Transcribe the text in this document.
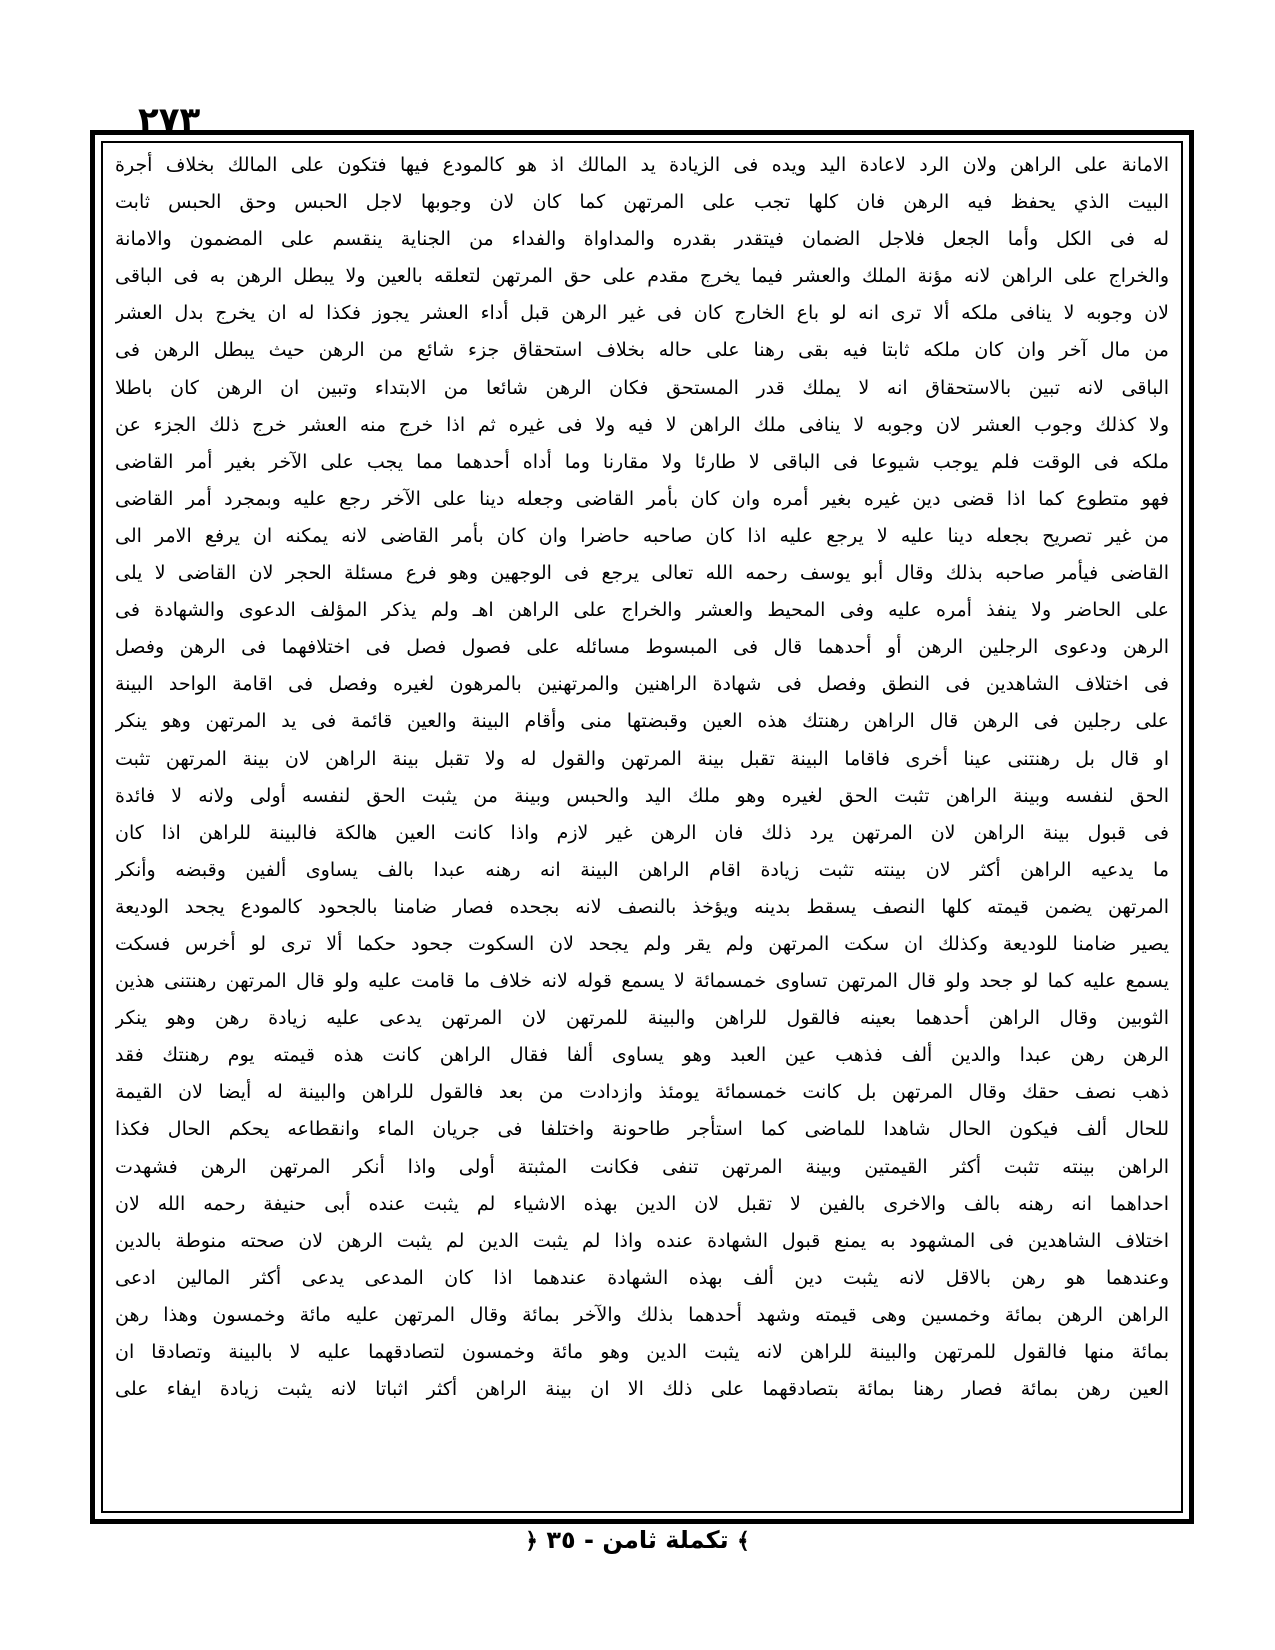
٢٧٣
الامانة على الراهن ولان الرد لاعادة اليد ويده فى الزيادة يد المالك اذ هو كالمودع فيها فتكون على المالك بخلاف أجرة
البيت الذي يحفظ فيه الرهن فان كلها تجب على المرتهن كما كان لان وجوبها لاجل الحبس وحق الحبس ثابت
له فى الكل وأما الجعل فلاجل الضمان فيتقدر بقدره والمداواة والفداء من الجناية ينقسم على المضمون والامانة
والخراج على الراهن لانه مؤنة الملك والعشر فيما يخرج مقدم على حق المرتهن لتعلقه بالعين ولا يبطل الرهن به فى الباقى
لان وجوبه لا ينافى ملكه ألا ترى انه لو باع الخارج كان فى غير الرهن قبل أداء العشر يجوز فكذا له ان يخرج بدل العشر
من مال آخر وان كان ملكه ثابتا فيه بقى رهنا على حاله بخلاف استحقاق جزء شائع من الرهن حيث يبطل الرهن فى
الباقى لانه تبين بالاستحقاق انه لا يملك قدر المستحق فكان الرهن شائعا من الابتداء وتبين ان الرهن كان باطلا
ولا كذلك وجوب العشر لان وجوبه لا ينافى ملك الراهن لا فيه ولا فى غيره ثم اذا خرج منه العشر خرج ذلك الجزء عن
ملكه فى الوقت فلم يوجب شيوعا فى الباقى لا طارئا ولا مقارنا وما أداه أحدهما مما يجب على الآخر بغير أمر القاضى
فهو متطوع كما اذا قضى دين غيره بغير أمره وان كان بأمر القاضى وجعله دينا على الآخر رجع عليه وبمجرد أمر القاضى
من غير تصريح بجعله دينا عليه لا يرجع عليه اذا كان صاحبه حاضرا وان كان بأمر القاضى لانه يمكنه ان يرفع الامر الى
القاضى فيأمر صاحبه بذلك وقال أبو يوسف رحمه الله تعالى يرجع فى الوجهين وهو فرع مسئلة الحجر لان القاضى لا يلى
على الحاضر ولا ينفذ أمره عليه وفى المحيط والعشر والخراج على الراهن اهـ ولم يذكر المؤلف الدعوى والشهادة فى
الرهن ودعوى الرجلين الرهن أو أحدهما قال فى المبسوط مسائله على فصول فصل فى اختلافهما فى الرهن وفصل
فى اختلاف الشاهدين فى النطق وفصل فى شهادة الراهنين والمرتهنين بالمرهون لغيره وفصل فى اقامة الواحد البينة
على رجلين فى الرهن قال الراهن رهنتك هذه العين وقبضتها منى وأقام البينة والعين قائمة فى يد المرتهن وهو ينكر
او قال بل رهنتنى عينا أخرى فاقاما البينة تقبل بينة المرتهن والقول له ولا تقبل بينة الراهن لان بينة المرتهن تثبت
الحق لنفسه وبينة الراهن تثبت الحق لغيره وهو ملك اليد والحبس وبينة من يثبت الحق لنفسه أولى ولانه لا فائدة
فى قبول بينة الراهن لان المرتهن يرد ذلك فان الرهن غير لازم واذا كانت العين هالكة فالبينة للراهن اذا كان
ما يدعيه الراهن أكثر لان بينته تثبت زيادة اقام الراهن البينة انه رهنه عبدا بالف يساوى ألفين وقبضه وأنكر
المرتهن يضمن قيمته كلها النصف يسقط بدينه ويؤخذ بالنصف لانه بجحده فصار ضامنا بالجحود كالمودع يجحد الوديعة
يصير ضامنا للوديعة وكذلك ان سكت المرتهن ولم يقر ولم يجحد لان السكوت جحود حكما ألا ترى لو أخرس فسكت
يسمع عليه كما لو جحد ولو قال المرتهن تساوى خمسمائة لا يسمع قوله لانه خلاف ما قامت عليه ولو قال المرتهن رهنتنى هذين
الثوبين وقال الراهن أحدهما بعينه فالقول للراهن والبينة للمرتهن لان المرتهن يدعى عليه زيادة رهن وهو ينكر
الرهن رهن عبدا والدين ألف فذهب عين العبد وهو يساوى ألفا فقال الراهن كانت هذه قيمته يوم رهنتك فقد
ذهب نصف حقك وقال المرتهن بل كانت خمسمائة يومئذ وازدادت من بعد فالقول للراهن والبينة له أيضا لان القيمة
للحال ألف فيكون الحال شاهدا للماضى كما استأجر طاحونة واختلفا فى جريان الماء وانقطاعه يحكم الحال فكذا
الراهن بينته تثبت أكثر القيمتين وبينة المرتهن تنفى فكانت المثبتة أولى واذا أنكر المرتهن الرهن فشهدت
احداهما انه رهنه بالف والاخرى بالفين لا تقبل لان الدين بهذه الاشياء لم يثبت عنده أبى حنيفة رحمه الله لان
اختلاف الشاهدين فى المشهود به يمنع قبول الشهادة عنده واذا لم يثبت الدين لم يثبت الرهن لان صحته منوطة بالدين
وعندهما هو رهن بالاقل لانه يثبت دين ألف بهذه الشهادة عندهما اذا كان المدعى يدعى أكثر المالين ادعى
الراهن الرهن بمائة وخمسين وهى قيمته وشهد أحدهما بذلك والآخر بمائة وقال المرتهن عليه مائة وخمسون وهذا رهن
بمائة منها فالقول للمرتهن والبينة للراهن لانه يثبت الدين وهو مائة وخمسون لتصادقهما عليه لا بالبينة وتصادقا ان
العين رهن بمائة فصار رهنا بمائة بتصادقهما على ذلك الا ان بينة الراهن أكثر اثباتا لانه يثبت زيادة ايفاء على
﴾ تكملة ثامن - ٣٥ ﴿
